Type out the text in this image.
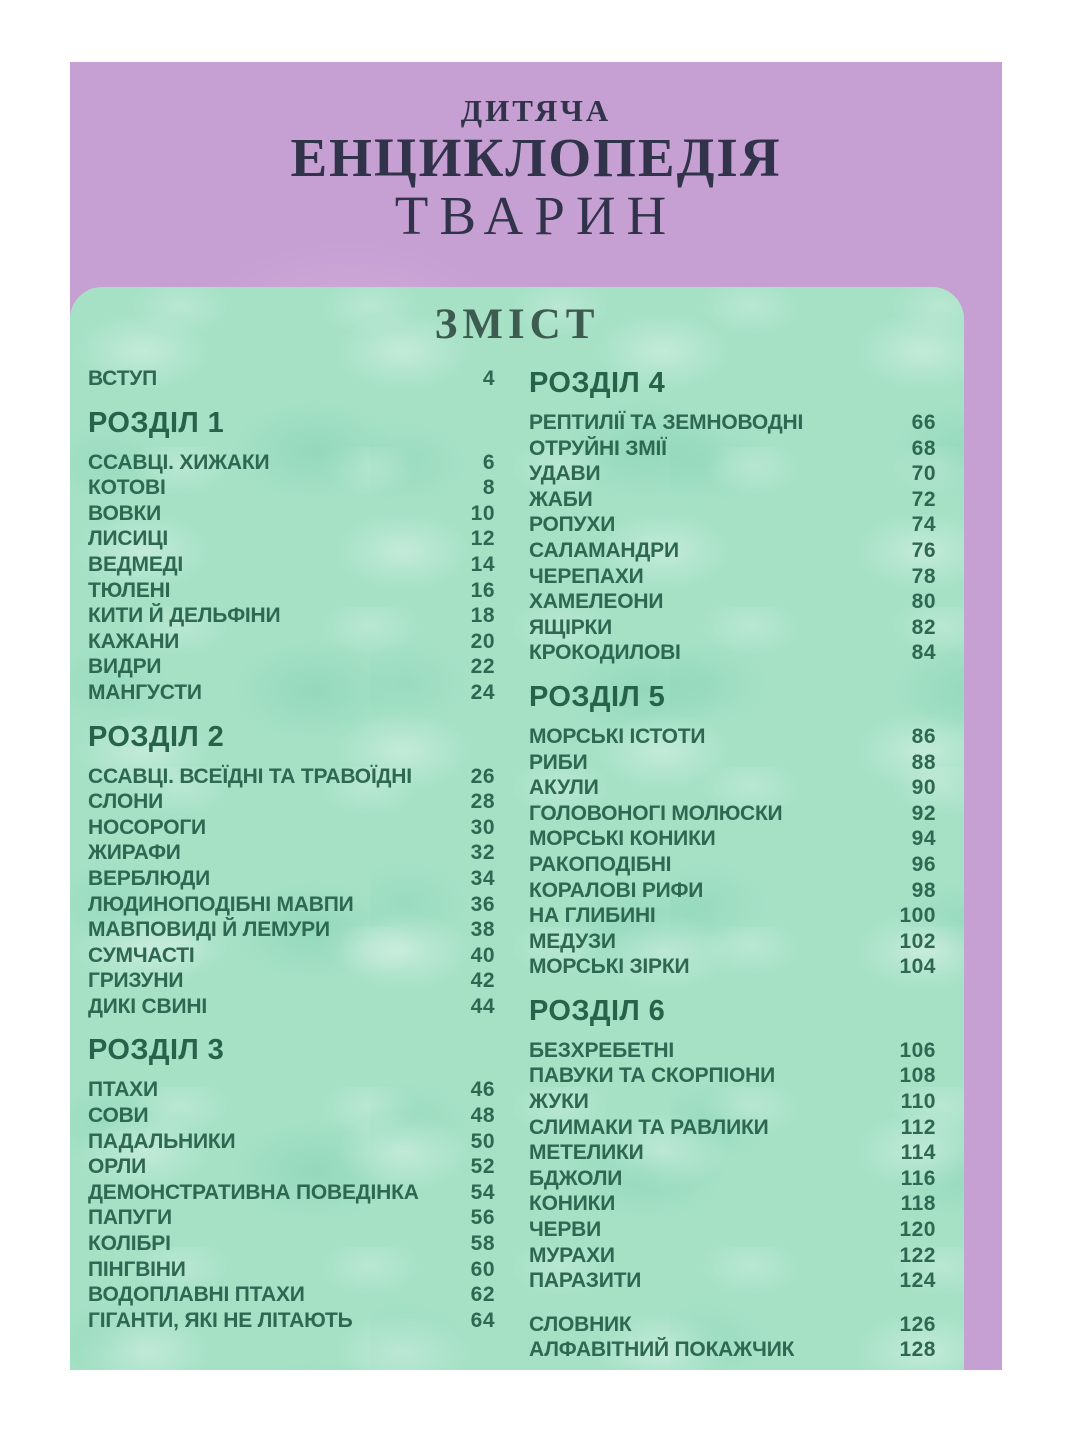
ДИТЯЧА
ЕНЦИКЛОПЕДІЯ
ТВАРИН
ЗМІСТ
ВСТУП	4
РОЗДІЛ 1
ССАВЦІ. ХИЖАКИ	6
КОТОВІ	8
ВОВКИ	10
ЛИСИЦІ	12
ВЕДМЕДІ	14
ТЮЛЕНІ	16
КИТИ Й ДЕЛЬФІНИ	18
КАЖАНИ	20
ВИДРИ	22
МАНГУСТИ	24
РОЗДІЛ 2
ССАВЦІ. ВСЕЇДНІ ТА ТРАВОЇДНІ	26
СЛОНИ	28
НОСОРОГИ	30
ЖИРАФИ	32
ВЕРБЛЮДИ	34
ЛЮДИНОПОДІБНІ МАВПИ	36
МАВПОВИДІ Й ЛЕМУРИ	38
СУМЧАСТІ	40
ГРИЗУНИ	42
ДИКІ СВИНІ	44
РОЗДІЛ 3
ПТАХИ	46
СОВИ	48
ПАДАЛЬНИКИ	50
ОРЛИ	52
ДЕМОНСТРАТИВНА ПОВЕДІНКА 54
ПАПУГИ	56
КОЛІБРІ	58
ПІНГВІНИ	60
ВОДОПЛАВНІ ПТАХИ	62
ГІГАНТИ, ЯКІ НЕ ЛІТАЮТЬ	64
РОЗДІЛ 4
РЕПТИЛІЇ ТА ЗЕМНОВОДНІ	66
ОТРУЙНІ ЗМІЇ	68
УДАВИ	70
ЖАБИ	72
РОПУХИ	74
САЛАМАНДРИ	76
ЧЕРЕПАХИ	78
ХАМЕЛЕОНИ	80
ЯЩІРКИ	82
КРОКОДИЛОВІ	84
РОЗДІЛ 5
МОРСЬКІ ІСТОТИ	86
РИБИ	88
АКУЛИ	90
ГОЛОВОНОГІ МОЛЮСКИ	92
МОРСЬКІ КОНИКИ	94
РАКОПОДІБНІ	96
КОРАЛОВІ РИФИ	98
НА ГЛИБИНІ	100
МЕДУЗИ	102
МОРСЬКІ ЗІРКИ	104
РОЗДІЛ 6
БЕЗХРЕБЕТНІ	106
ПАВУКИ ТА СКОРПІОНИ	108
ЖУКИ	110
СЛИМАКИ ТА РАВЛИКИ	112
МЕТЕЛИКИ	114
БДЖОЛИ	116
КОНИКИ	118
ЧЕРВИ	120
МУРАХИ	122
ПАРАЗИТИ	124
СЛОВНИК	126
АЛФАВІТНИЙ ПОКАЖЧИК	128
